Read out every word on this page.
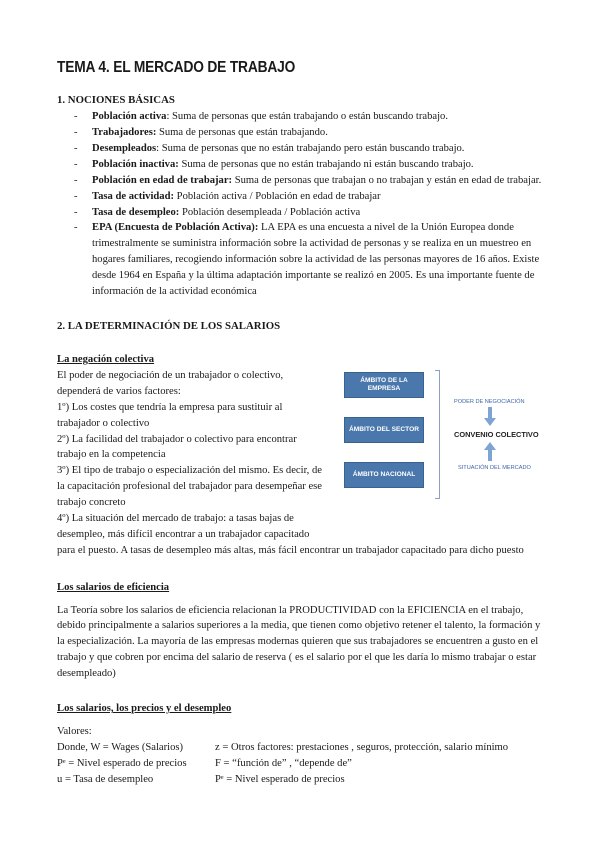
TEMA 4. EL MERCADO DE TRABAJO
1. NOCIONES BÁSICAS
- Población activa: Suma de personas que están trabajando o están buscando trabajo.
- Trabajadores: Suma de personas que están trabajando.
- Desempleados: Suma de personas que no están trabajando pero están buscando trabajo.
- Población inactiva: Suma de personas que no están trabajando ni están buscando trabajo.
- Población en edad de trabajar: Suma de personas que trabajan o no trabajan y están en edad de trabajar.
- Tasa de actividad: Población activa / Población en edad de trabajar
- Tasa de desempleo: Población desempleada / Población activa
- EPA (Encuesta de Población Activa): LA EPA es una encuesta a nivel de la Unión Europea donde trimestralmente se suministra información sobre la actividad de personas y se realiza en un muestreo en hogares familiares, recogiendo información sobre la actividad de las personas mayores de 16 años. Existe desde 1964 en España y la última adaptación importante se realizó en 2005. Es una importante fuente de información de la actividad económica
2. LA DETERMINACIÓN DE LOS SALARIOS

La negación colectiva

El poder de negociación de un trabajador o colectivo, dependerá de varios factores:

1º) Los costes que tendría la empresa para sustituir al trabajador o colectivo

2º) La facilidad del trabajador o colectivo para encontrar trabajo en la competencia

3º) El tipo de trabajo o especialización del mismo. Es decir, de la capacitación profesional del trabajador para desempeñar ese trabajo concreto

4º) La situación del mercado de trabajo: a tasas bajas de desempleo, más difícil encontrar a un trabajador capacitado

para el puesto. A tasas de desempleo más altas, más fácil encontrar un trabajador capacitado para dicho puesto

ÁMBITO DE LA EMPRESA
ÁMBITO DEL SECTOR
ÁMBITO NACIONAL
PODER DE NEGOCIACIÓN
CONVENIO COLECTIVO
SITUACIÓN DEL MERCADO

Los salarios de eficiencia

La Teoría sobre los salarios de eficiencia relacionan la PRODUCTIVIDAD con la EFICIENCIA en el trabajo, debido principalmente a salarios superiores a la media, que tienen como objetivo retener el talento, la formación y la especialización. La mayoría de las empresas modernas quieren que sus trabajadores se encuentren a gusto en el trabajo y que cobren por encima del salario de reserva ( es el salario por el que les daría lo mismo trabajar o estar desempleado)

Los salarios, los precios y el desempleo

Valores:

Donde, W = Wages (Salarios)	z = Otros factores: prestaciones , seguros, protección, salario mínimo
Pᵉ = Nivel esperado de precios	F = “función de” , “depende de”
u = Tasa de desempleo	Pᵉ = Nivel esperado de precios
